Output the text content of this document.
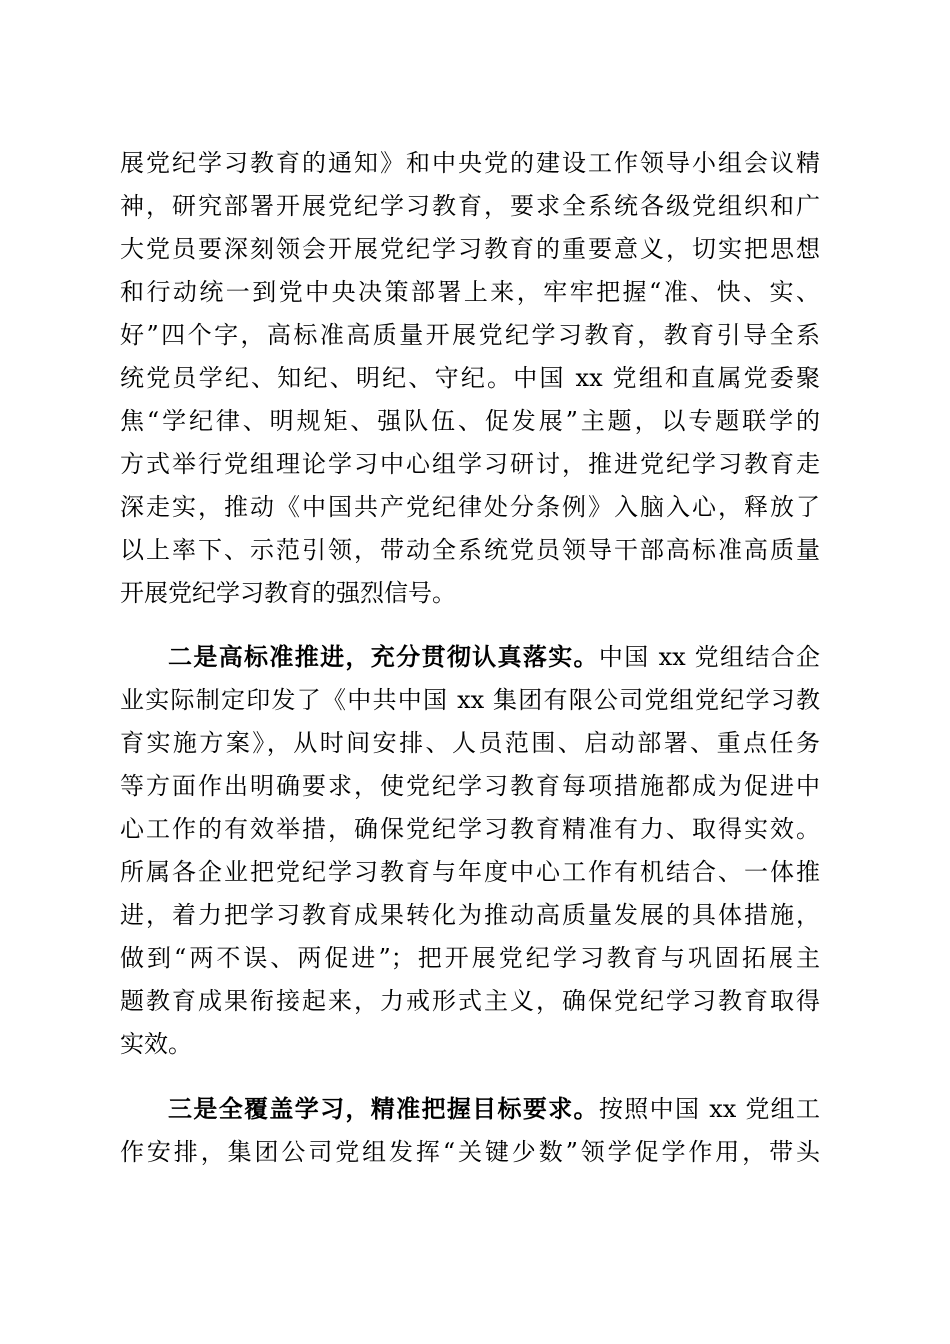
展党纪学习教育的通知》和中央党的建设工作领导小组会议精
神，研究部署开展党纪学习教育，要求全系统各级党组织和广
大党员要深刻领会开展党纪学习教育的重要意义，切实把思想
和行动统一到党中央决策部署上来，牢牢把握“准、快、实、
好”四个字，高标准高质量开展党纪学习教育，教育引导全系
统党员学纪、知纪、明纪、守纪。中国 xx 党组和直属党委聚
焦“学纪律、明规矩、强队伍、促发展”主题，以专题联学的
方式举行党组理论学习中心组学习研讨，推进党纪学习教育走
深走实，推动《中国共产党纪律处分条例》入脑入心，释放了
以上率下、示范引领，带动全系统党员领导干部高标准高质量
开展党纪学习教育的强烈信号。
二是高标准推进，充分贯彻认真落实。中国 xx 党组结合企
业实际制定印发了《中共中国 xx 集团有限公司党组党纪学习教
育实施方案》，从时间安排、人员范围、启动部署、重点任务
等方面作出明确要求，使党纪学习教育每项措施都成为促进中
心工作的有效举措，确保党纪学习教育精准有力、取得实效。
所属各企业把党纪学习教育与年度中心工作有机结合、一体推
进，着力把学习教育成果转化为推动高质量发展的具体措施，
做到“两不误、两促进”；把开展党纪学习教育与巩固拓展主
题教育成果衔接起来，力戒形式主义，确保党纪学习教育取得
实效。
三是全覆盖学习，精准把握目标要求。按照中国 xx 党组工
作安排，集团公司党组发挥“关键少数”领学促学作用，带头
